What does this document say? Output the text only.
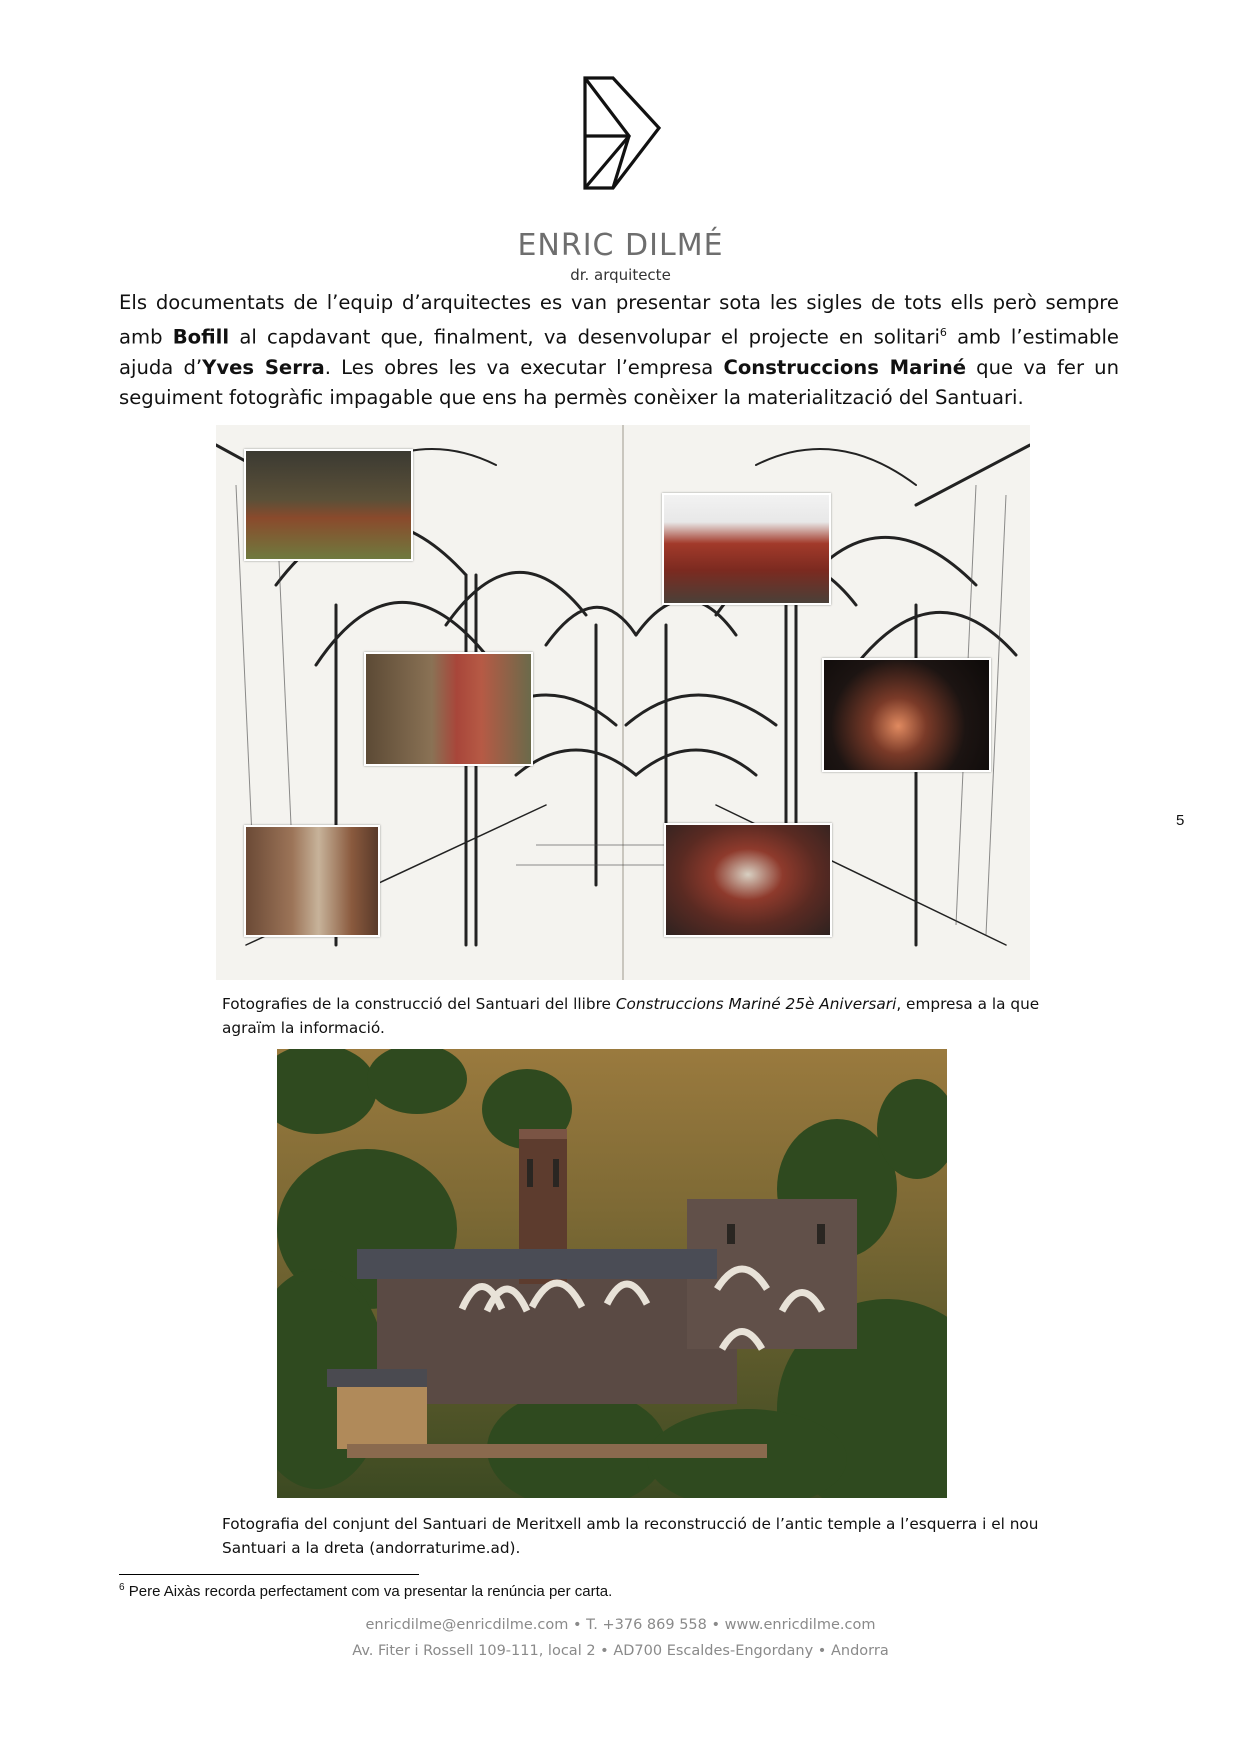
ENRIC DILMÉ
dr. arquitecte
Els documentats de l’equip d’arquitectes es van presentar sota les sigles de tots ells però sempre amb Bofill al capdavant que, finalment, va desenvolupar el projecte en solitari$^6$ amb l’estimable ajuda d’Yves Serra. Les obres les va executar l’empresa Construccions Mariné que va fer un seguiment fotogràfic impagable que ens ha permès conèixer la materialització del Santuari.
5
Fotografies de la construcció del Santuari del llibre Construccions Mariné 25è Aniversari, empresa a la que agraïm la informació.
Fotografia del conjunt del Santuari de Meritxell amb la reconstrucció de l’antic temple a l’esquerra i el nou Santuari a la dreta (andorraturime.ad).
$^6$ Pere Aixàs recorda perfectament com va presentar la renúncia per carta.
enricdilme@enricdilme.com • T. +376 869 558 • www.enricdilme.com
Av. Fiter i Rossell 109-111, local 2 • AD700 Escaldes-Engordany • Andorra
